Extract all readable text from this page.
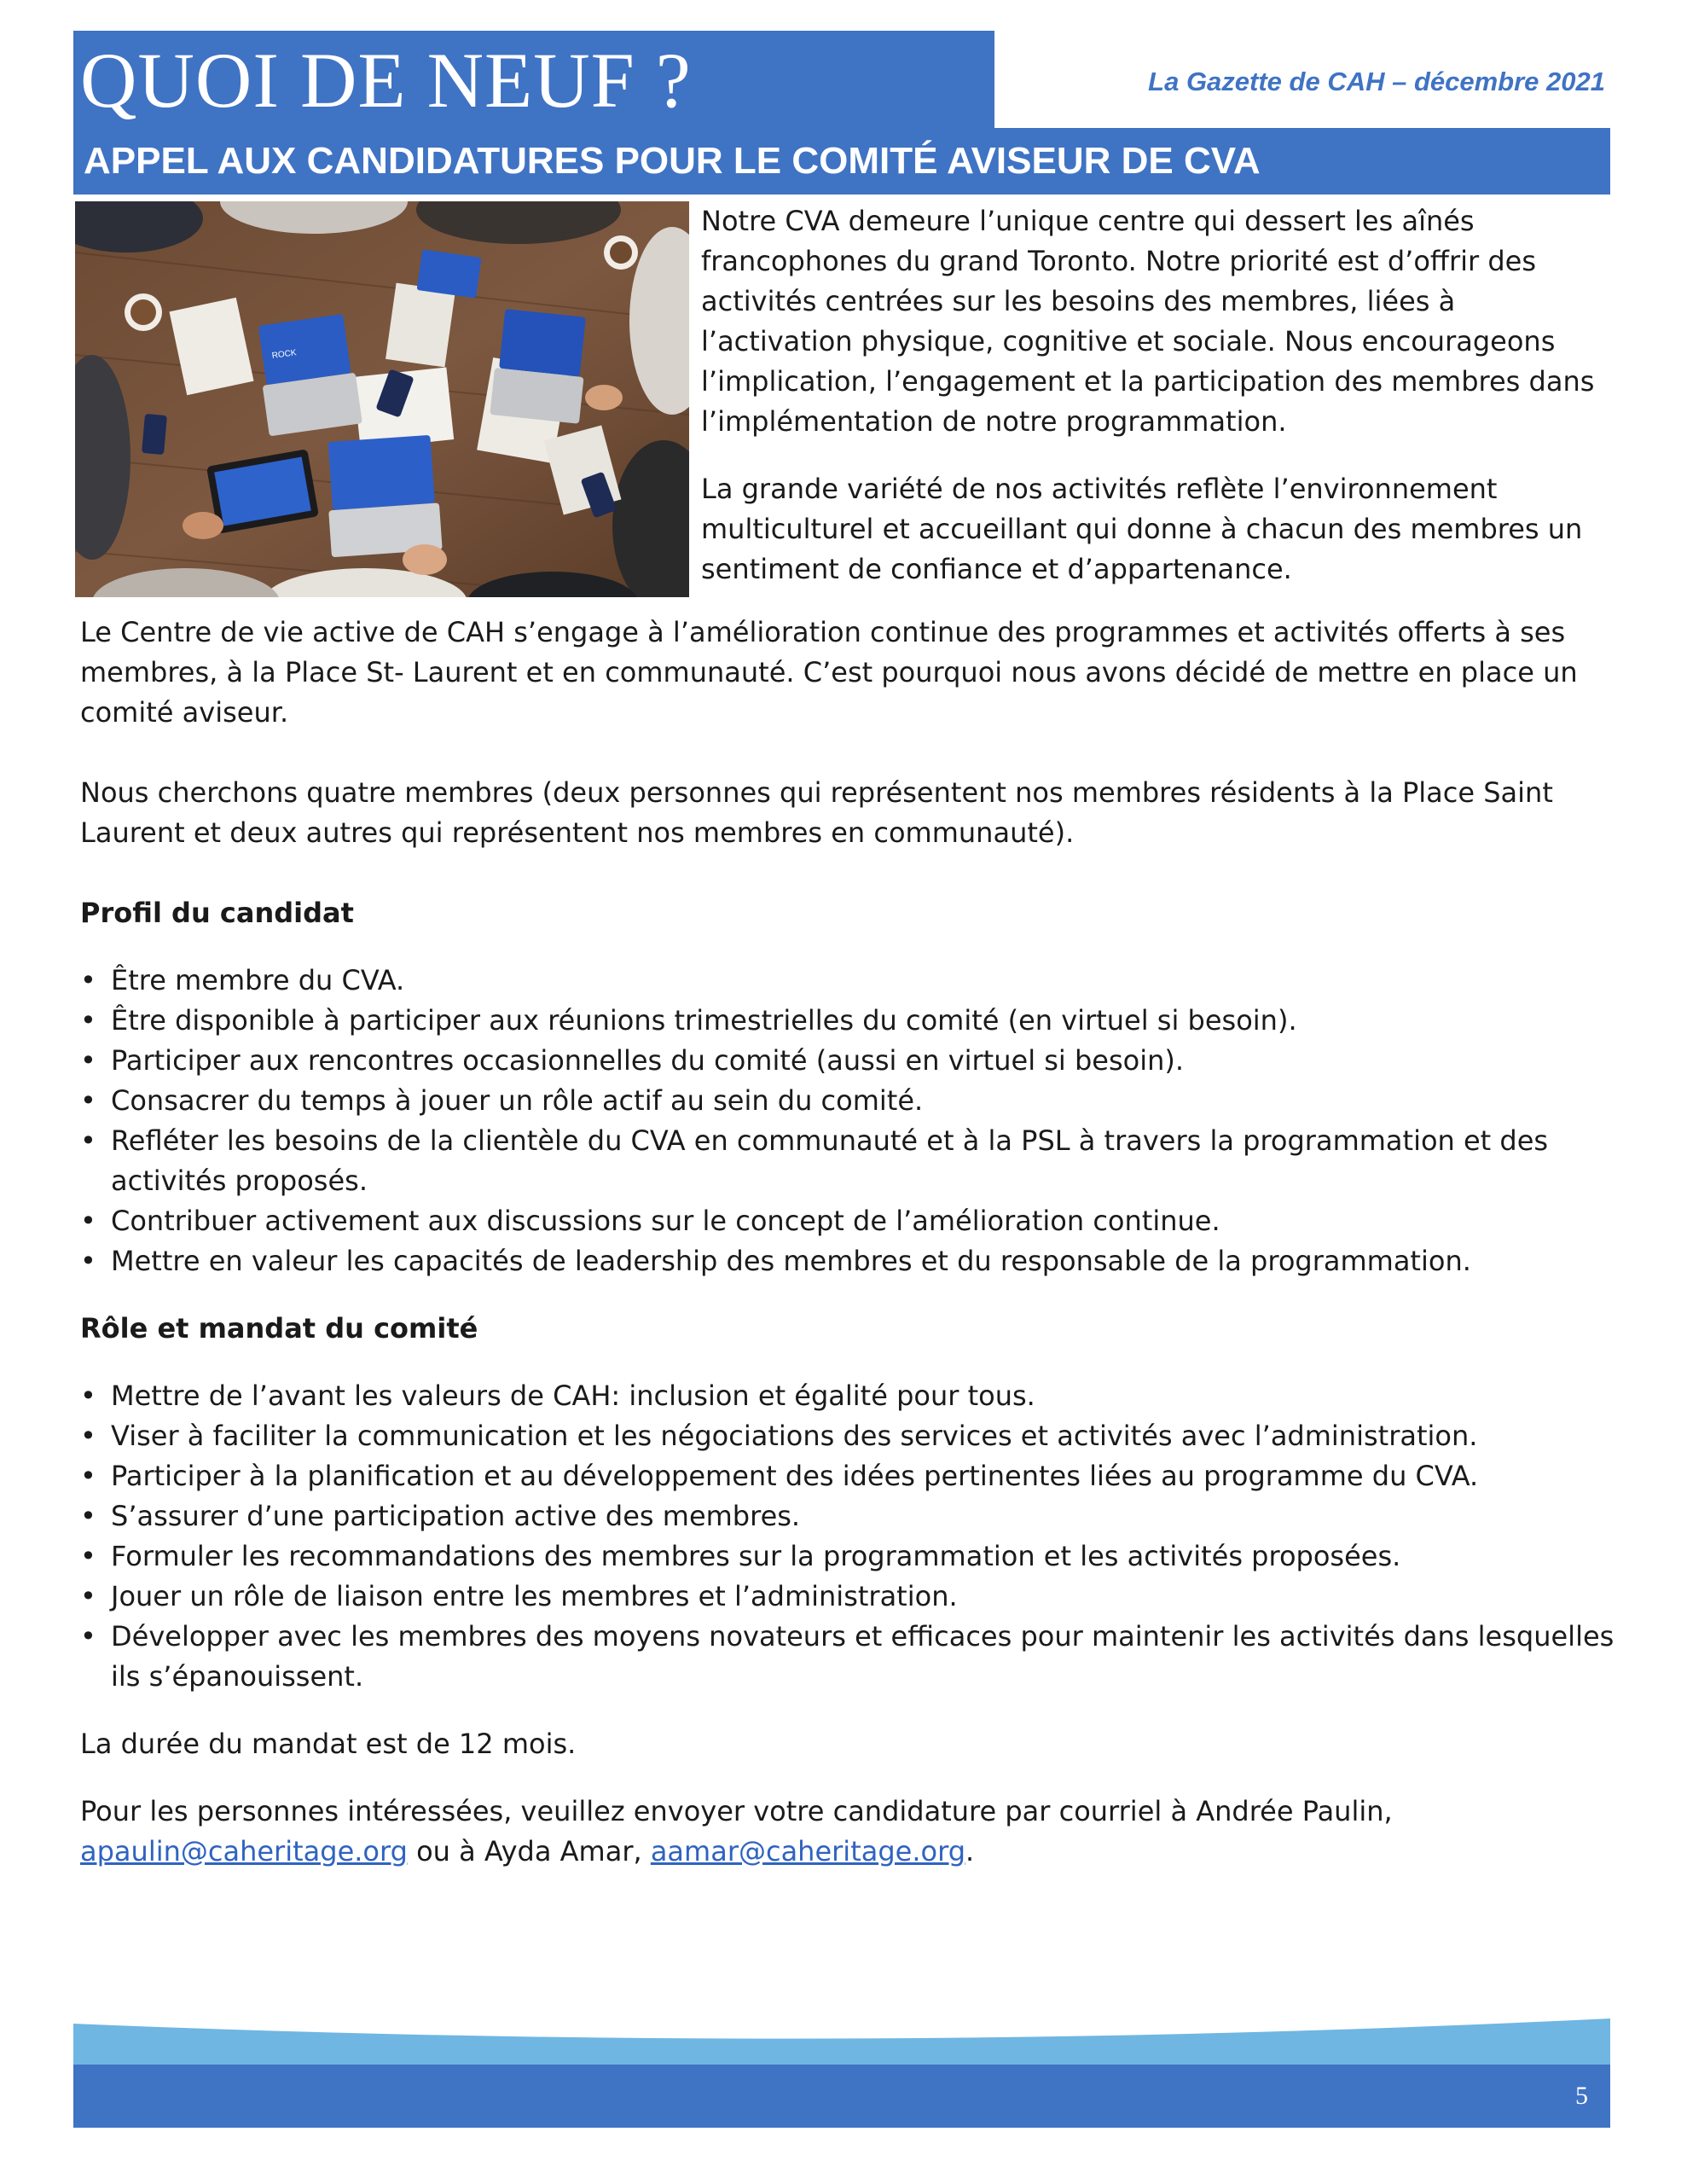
QUOI DE NEUF ?	La Gazette de CAH – décembre 2021

APPEL AUX CANDIDATURES POUR LE COMITÉ AVISEUR DE CVA
ROCK

Notre CVA demeure l’unique centre qui dessert les aînés francophones du grand Toronto. Notre priorité est d’offrir des activités centrées sur les besoins des membres, liées à l’activation physique, cognitive et sociale. Nous encourageons l’implication, l’engagement et la participation des membres dans l’implémentation de notre programmation.

La grande variété de nos activités reflète l’environnement multiculturel et accueillant qui donne à chacun des membres un sentiment de confiance et d’appartenance.

Le Centre de vie active de CAH s’engage à l’amélioration continue des programmes et activités offerts à ses membres, à la Place St- Laurent et en communauté. C’est pourquoi nous avons décidé de mettre en place un comité aviseur.

Nous cherchons quatre membres (deux personnes qui représentent nos membres résidents à la Place Saint Laurent et deux autres qui représentent nos membres en communauté).

Profil du candidat

• Être membre du CVA.
• Être disponible à participer aux réunions trimestrielles du comité (en virtuel si besoin).
• Participer aux rencontres occasionnelles du comité (aussi en virtuel si besoin).
• Consacrer du temps à jouer un rôle actif au sein du comité.
• Refléter les besoins de la clientèle du CVA en communauté et à la PSL à travers la programmation et des activités proposés.
• Contribuer activement aux discussions sur le concept de l’amélioration continue.
• Mettre en valeur les capacités de leadership des membres et du responsable de la programmation.

Rôle et mandat du comité

• Mettre de l’avant les valeurs de CAH: inclusion et égalité pour tous.
• Viser à faciliter la communication et les négociations des services et activités avec l’administration.
• Participer à la planification et au développement des idées pertinentes liées au programme du CVA.
• S’assurer d’une participation active des membres.
• Formuler les recommandations des membres sur la programmation et les activités proposées.
• Jouer un rôle de liaison entre les membres et l’administration.
• Développer avec les membres des moyens novateurs et efficaces pour maintenir les activités dans lesquelles ils s’épanouissent.

La durée du mandat est de 12 mois.

Pour les personnes intéressées, veuillez envoyer votre candidature par courriel à Andrée Paulin,
apaulin@caheritage.org ou à Ayda Amar, aamar@caheritage.org.

5
